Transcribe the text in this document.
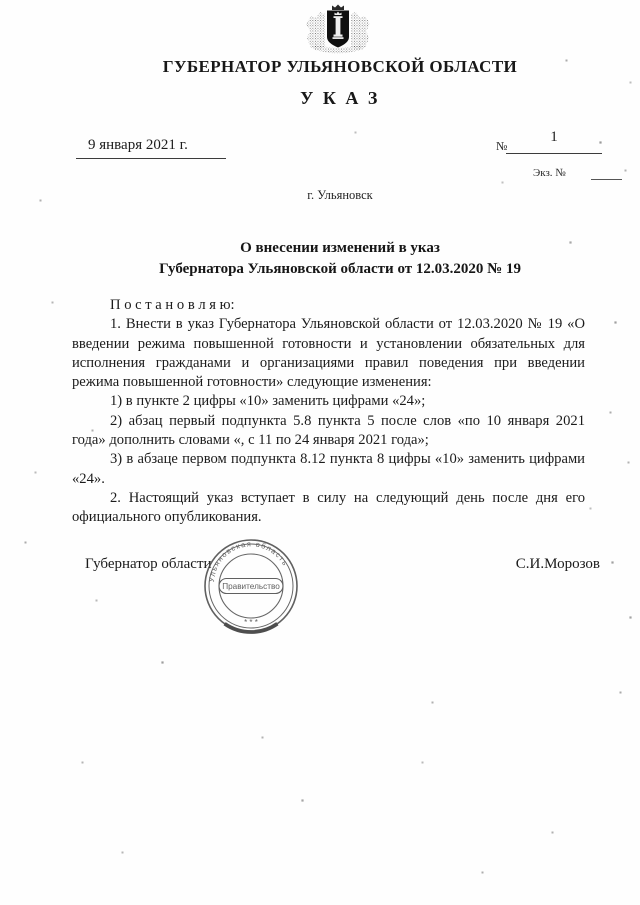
ГУБЕРНАТОР УЛЬЯНОВСКОЙ ОБЛАСТИ
У К А З
9 января 2021 г.	№
1
Экз. №
г. Ульяновск
О внесении изменений в указ
Губернатора Ульяновской области от 12.03.2020 № 19

П о с т а н о в л я ю:

1. Внести в указ Губернатора Ульяновской области от 12.03.2020 № 19 «О введении режима повышенной готовности и установлении обязательных для исполнения гражданами и организациями правил поведения при введении режима повышенной готовности» следующие изменения:

1) в пункте 2 цифры «10» заменить цифрами «24»;

2) абзац первый подпункта 5.8 пункта 5 после слов «по 10 января 2021 года» дополнить словами «, с 11 по 24 января 2021 года»;

3) в абзаце первом подпункта 8.12 пункта 8 цифры «10» заменить цифрами «24».

2. Настоящий указ вступает в силу на следующий день после дня его официального опубликования.

Губернатор области	С.И.Морозов
Ульяновская область
* * *
Правительство
